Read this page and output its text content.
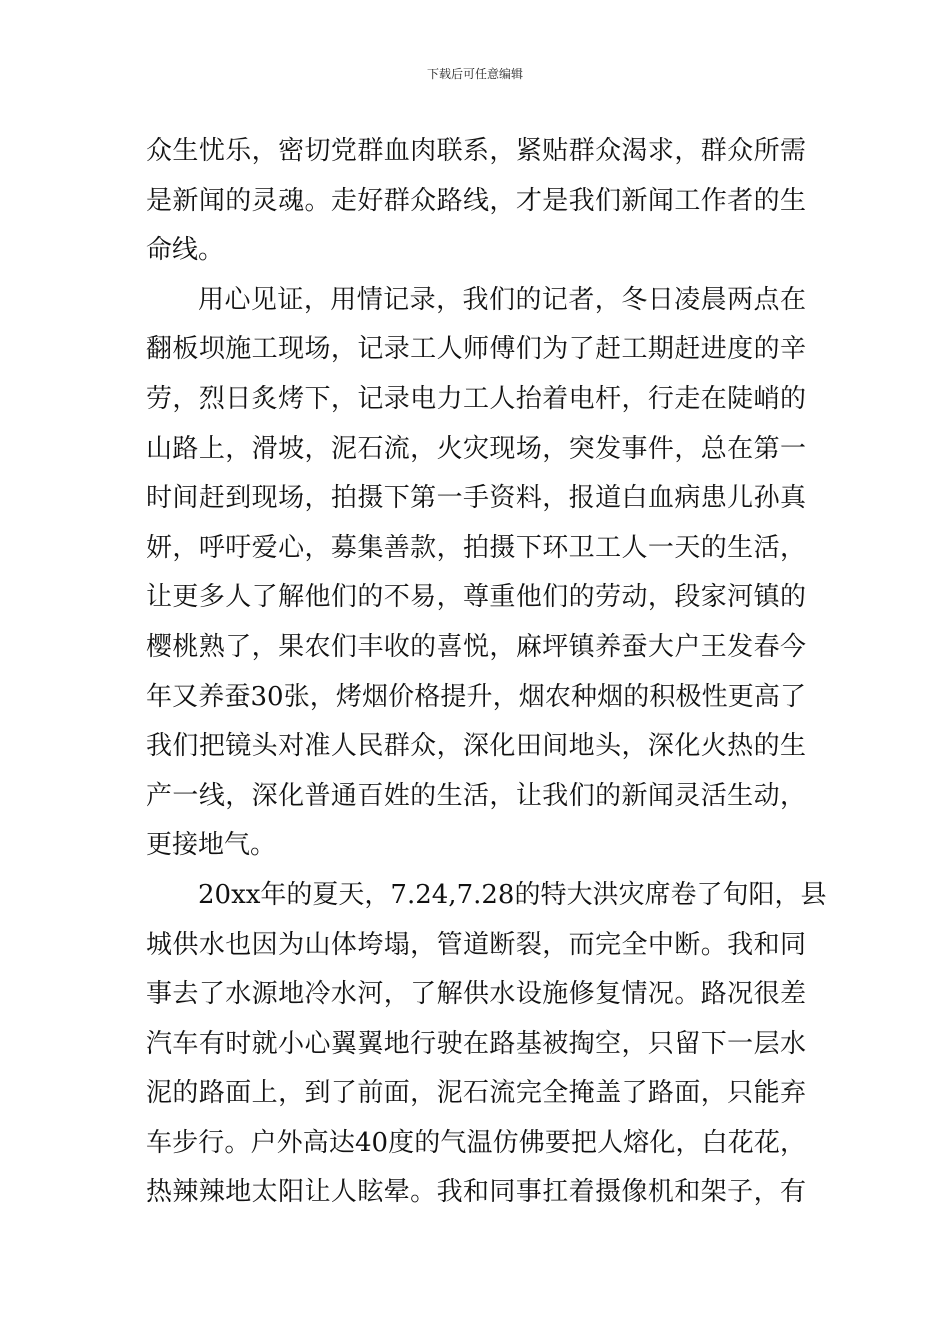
下载后可任意编辑
众生忧乐，密切党群血肉联系，紧贴群众渴求，群众所需
是新闻的灵魂。走好群众路线，才是我们新闻工作者的生
命线。
用心见证，用情记录，我们的记者，冬日凌晨两点在
翻板坝施工现场，记录工人师傅们为了赶工期赶进度的辛
劳，烈日炙烤下，记录电力工人抬着电杆，行走在陡峭的
山路上，滑坡，泥石流，火灾现场，突发事件，总在第一
时间赶到现场，拍摄下第一手资料，报道白血病患儿孙真
妍，呼吁爱心，募集善款，拍摄下环卫工人一天的生活，
让更多人了解他们的不易，尊重他们的劳动，段家河镇的
樱桃熟了，果农们丰收的喜悦，麻坪镇养蚕大户王发春今
年又养蚕30张，烤烟价格提升，烟农种烟的积极性更高了
我们把镜头对准人民群众，深化田间地头，深化火热的生
产一线，深化普通百姓的生活，让我们的新闻灵活生动，
更接地气。
20xx年的夏天，7.24,7.28的特大洪灾席卷了旬阳，县
城供水也因为山体垮塌，管道断裂，而完全中断。我和同
事去了水源地冷水河，了解供水设施修复情况。路况很差
汽车有时就小心翼翼地行驶在路基被掏空，只留下一层水
泥的路面上，到了前面，泥石流完全掩盖了路面，只能弃
车步行。户外高达40度的气温仿佛要把人熔化，白花花，
热辣辣地太阳让人眩晕。我和同事扛着摄像机和架子，有
